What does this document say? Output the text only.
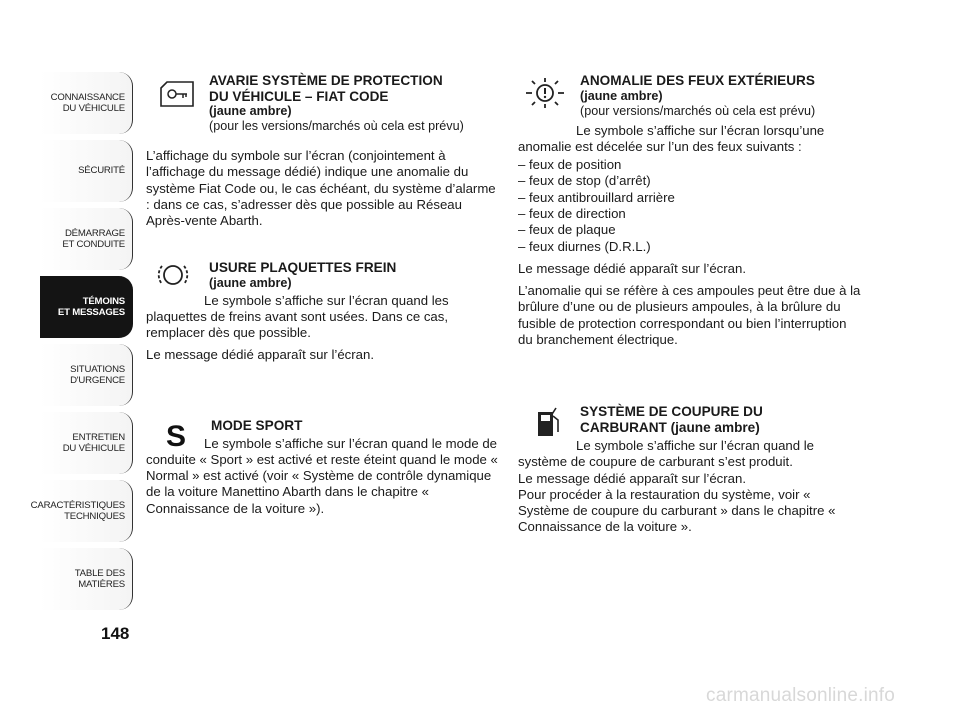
CONNAISSANCE
DU VÉHICULE
SÉCURITÉ
DÉMARRAGE
ET CONDUITE
TÉMOINS
ET MESSAGES
SITUATIONS
D'URGENCE
ENTRETIEN
DU VÉHICULE
CARACTÉRISTIQUES
TECHNIQUES
TABLE DES
MATIÈRES
148
AVARIE SYSTÈME DE PROTECTION
DU VÉHICULE – FIAT CODE
(jaune ambre)
(pour les versions/marchés où cela est prévu)

L’affichage du symbole sur l’écran (conjointement à l’affichage du message dédié) indique une anomalie du système Fiat Code ou, le cas échéant, du système d’alarme : dans ce cas, s’adresser dès que possible au Réseau Après-vente Abarth.

USURE PLAQUETTES FREIN
(jaune ambre)

Le symbole s’affiche sur l’écran quand les plaquettes de freins avant sont usées. Dans ce cas, remplacer dès que possible.

Le message dédié apparaît sur l’écran.

S MODE SPORT

Le symbole s’affiche sur l’écran quand le mode de conduite « Sport » est activé et reste éteint quand le mode « Normal » est activé (voir « Système de contrôle dynamique de la voiture Manettino Abarth dans le chapitre « Connaissance de la voiture »).

ANOMALIE DES FEUX EXTÉRIEURS
(jaune ambre)
(pour versions/marchés où cela est prévu)

Le symbole s’affiche sur l’écran lorsqu’une anomalie est décelée sur l’un des feux suivants :

– feux de position
– feux de stop (d’arrêt)
– feux antibrouillard arrière
– feux de direction
– feux de plaque
– feux diurnes (D.R.L.)

Le message dédié apparaît sur l’écran.

L’anomalie qui se réfère à ces ampoules peut être due à la brûlure d’une ou de plusieurs ampoules, à la brûlure du fusible de protection correspondant ou bien l’interruption du branchement électrique.

SYSTÈME DE COUPURE DU
CARBURANT (jaune ambre)

Le symbole s’affiche sur l’écran quand le système de coupure de carburant s’est produit.

Le message dédié apparaît sur l’écran.

Pour procéder à la restauration du système, voir « Système de coupure du carburant » dans le chapitre « Connaissance de la voiture ».

carmanualsonline.info
